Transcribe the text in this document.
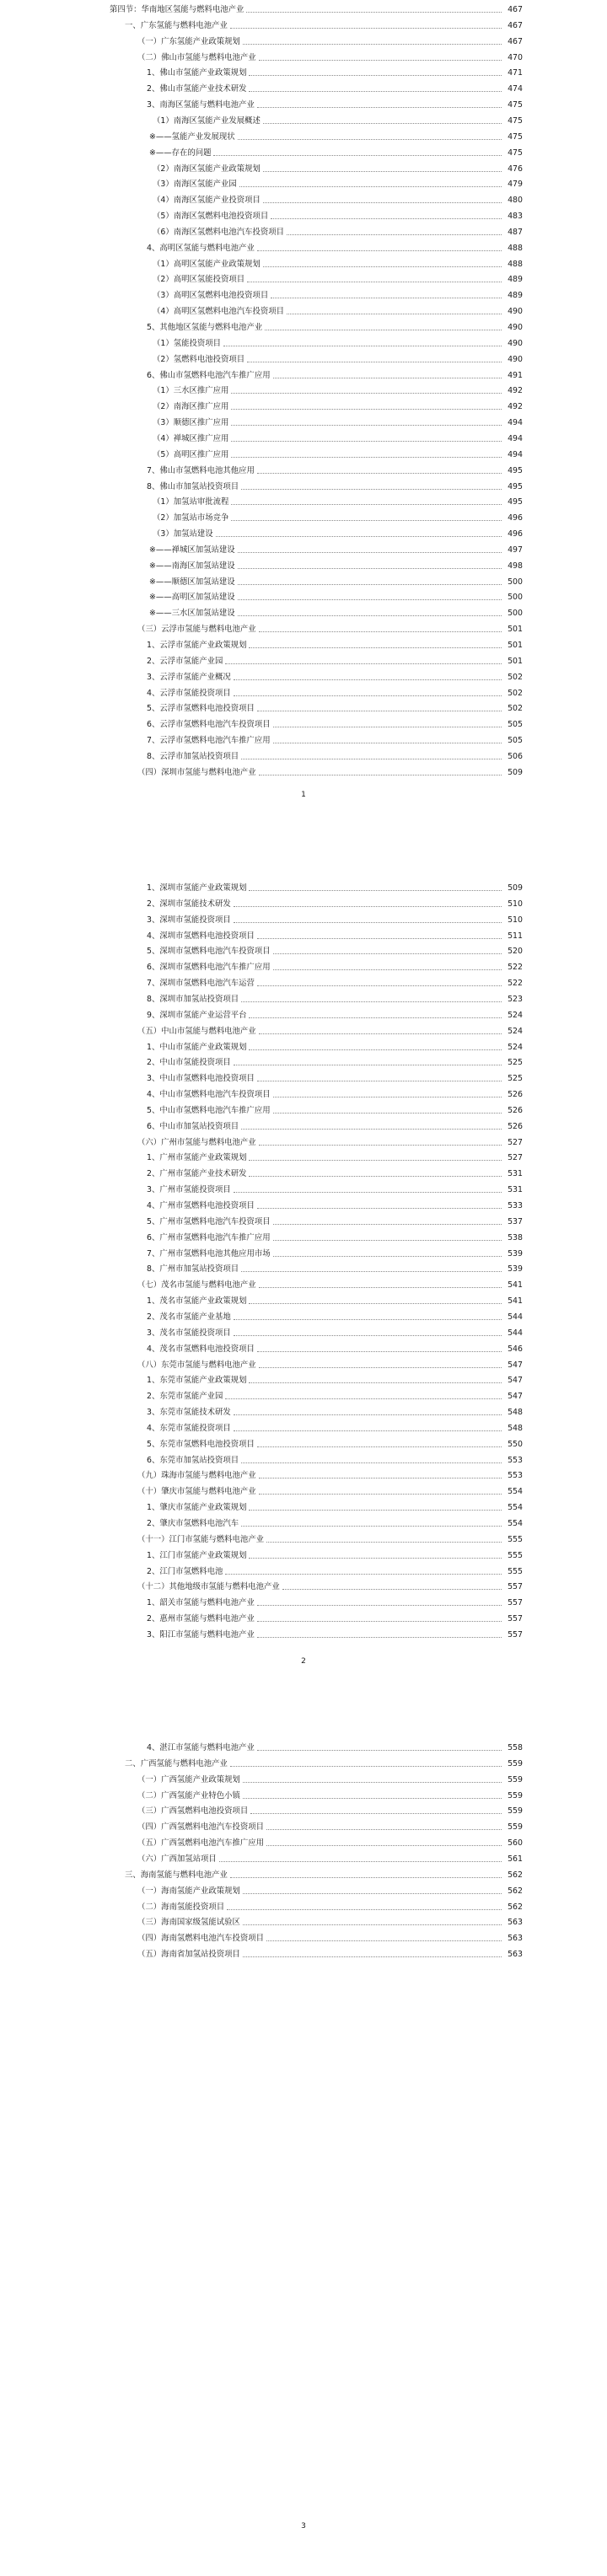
第四节：华南地区氢能与燃料电池产业	467
一、广东氢能与燃料电池产业	467
（一）广东氢能产业政策规划	467
（二）佛山市氢能与燃料电池产业	470
1、佛山市氢能产业政策规划	471
2、佛山市氢能产业技术研发	474
3、南海区氢能与燃料电池产业	475
（1）南海区氢能产业发展概述	475
※——氢能产业发展现状	475
※——存在的问题	475
（2）南海区氢能产业政策规划	476
（3）南海区氢能产业园	479
（4）南海区氢能产业投资项目	480
（5）南海区氢燃料电池投资项目	483
（6）南海区氢燃料电池汽车投资项目	487
4、高明区氢能与燃料电池产业	488
（1）高明区氢能产业政策规划	488
（2）高明区氢能投资项目	489
（3）高明区氢燃料电池投资项目	489
（4）高明区氢燃料电池汽车投资项目	490
5、其他地区氢能与燃料电池产业	490
（1）氢能投资项目	490
（2）氢燃料电池投资项目	490
6、佛山市氢燃料电池汽车推广应用	491
（1）三水区推广应用	492
（2）南海区推广应用	492
（3）顺德区推广应用	494
（4）禅城区推广应用	494
（5）高明区推广应用	494
7、佛山市氢燃料电池其他应用	495
8、佛山市加氢站投资项目	495
（1）加氢站审批流程	495
（2）加氢站市场竞争	496
（3）加氢站建设	496
※——禅城区加氢站建设	497
※——南海区加氢站建设	498
※——顺德区加氢站建设	500
※——高明区加氢站建设	500
※——三水区加氢站建设	500
（三）云浮市氢能与燃料电池产业	501
1、云浮市氢能产业政策规划	501
2、云浮市氢能产业园	501
3、云浮市氢能产业概况	502
4、云浮市氢能投资项目	502
5、云浮市氢燃料电池投资项目	502
6、云浮市氢燃料电池汽车投资项目	505
7、云浮市氢燃料电池汽车推广应用	505
8、云浮市加氢站投资项目	506
（四）深圳市氢能与燃料电池产业	509
1
1、深圳市氢能产业政策规划	509
2、深圳市氢能技术研发	510
3、深圳市氢能投资项目	510
4、深圳市氢燃料电池投资项目	511
5、深圳市氢燃料电池汽车投资项目	520
6、深圳市氢燃料电池汽车推广应用	522
7、深圳市氢燃料电池汽车运营	522
8、深圳市加氢站投资项目	523
9、深圳市氢能产业运营平台	524
（五）中山市氢能与燃料电池产业	524
1、中山市氢能产业政策规划	524
2、中山市氢能投资项目	525
3、中山市氢燃料电池投资项目	525
4、中山市氢燃料电池汽车投资项目	526
5、中山市氢燃料电池汽车推广应用	526
6、中山市加氢站投资项目	526
（六）广州市氢能与燃料电池产业	527
1、广州市氢能产业政策规划	527
2、广州市氢能产业技术研发	531
3、广州市氢能投资项目	531
4、广州市氢燃料电池投资项目	533
5、广州市氢燃料电池汽车投资项目	537
6、广州市氢燃料电池汽车推广应用	538
7、广州市氢燃料电池其他应用市场	539
8、广州市加氢站投资项目	539
（七）茂名市氢能与燃料电池产业	541
1、茂名市氢能产业政策规划	541
2、茂名市氢能产业基地	544
3、茂名市氢能投资项目	544
4、茂名市氢燃料电池投资项目	546
（八）东莞市氢能与燃料电池产业	547
1、东莞市氢能产业政策规划	547
2、东莞市氢能产业园	547
3、东莞市氢能技术研发	548
4、东莞市氢能投资项目	548
5、东莞市氢燃料电池投资项目	550
6、东莞市加氢站投资项目	553
（九）珠海市氢能与燃料电池产业	553
（十）肇庆市氢能与燃料电池产业	554
1、肇庆市氢能产业政策规划	554
2、肇庆市氢燃料电池汽车	554
（十一）江门市氢能与燃料电池产业	555
1、江门市氢能产业政策规划	555
2、江门市氢燃料电池	555
（十二）其他地级市氢能与燃料电池产业	557
1、韶关市氢能与燃料电池产业	557
2、惠州市氢能与燃料电池产业	557
3、阳江市氢能与燃料电池产业	557
2
4、湛江市氢能与燃料电池产业	558
二、广西氢能与燃料电池产业	559
（一）广西氢能产业政策规划	559
（二）广西氢能产业特色小镇	559
（三）广西氢燃料电池投资项目	559
（四）广西氢燃料电池汽车投资项目	559
（五）广西氢燃料电池汽车推广应用	560
（六）广西加氢站项目	561
三、海南氢能与燃料电池产业	562
（一）海南氢能产业政策规划	562
（二）海南氢能投资项目	562
（三）海南国家级氢能试验区	563
（四）海南氢燃料电池汽车投资项目	563
（五）海南省加氢站投资项目	563
3
